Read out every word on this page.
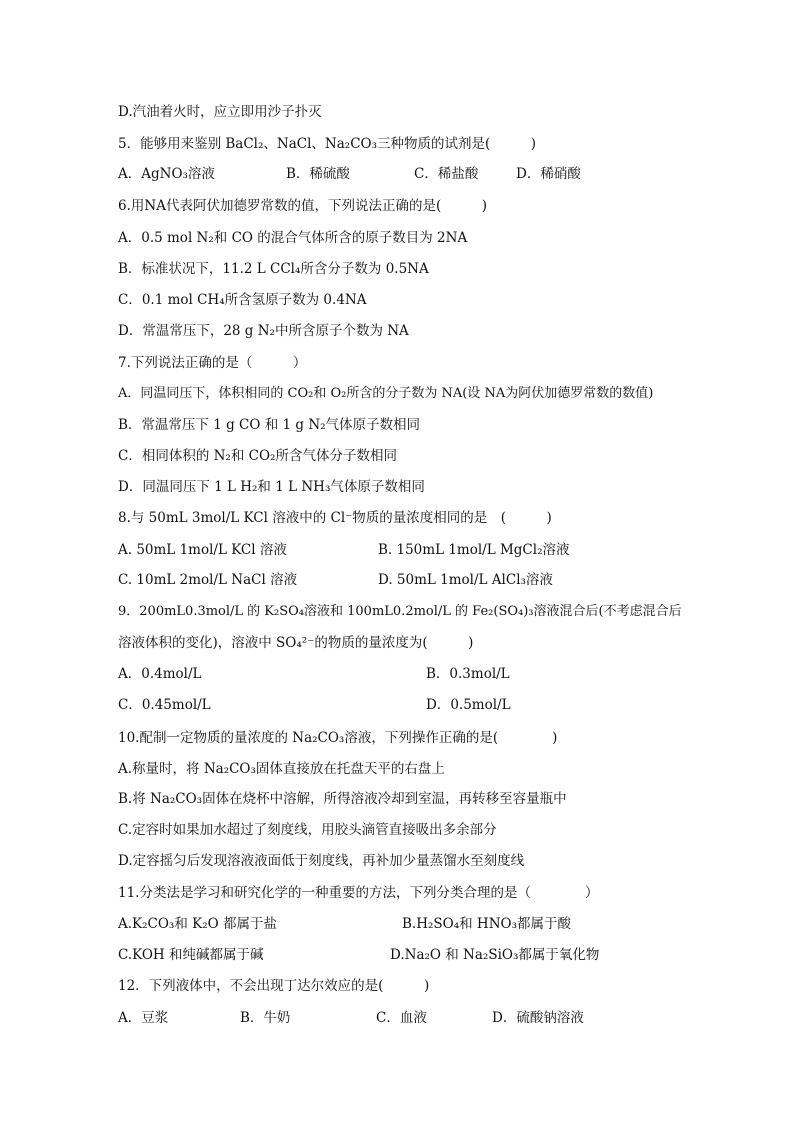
D.汽油着火时，应立即用沙子扑灭
5．能够用来鉴别 BaCl₂、NaCl、Na₂CO₃三种物质的试剂是(　　　)
A．AgNO₃溶液	B．稀硫酸	C．稀盐酸	D．稀硝酸
6.用NA代表阿伏加德罗常数的值，下列说法正确的是(　　　)
A．0.5 mol N₂和 CO 的混合气体所含的原子数目为 2NA
B．标准状况下，11.2 L CCl₄所含分子数为 0.5NA
C．0.1 mol CH₄所含氢原子数为 0.4NA
D．常温常压下，28 g N₂中所含原子个数为 NA
7.下列说法正确的是（　　　）
A．同温同压下，体积相同的 CO₂和 O₂所含的分子数为 NA(设 NA为阿伏加德罗常数的数值)
B．常温常压下 1 g CO 和 1 g N₂气体原子数相同
C．相同体积的 N₂和 CO₂所含气体分子数相同
D．同温同压下 1 L H₂和 1 L NH₃气体原子数相同
8.与 50mL 3mol/L KCl 溶液中的 Cl⁻物质的量浓度相同的是　(　　　)
A. 50mL 1mol/L KCl 溶液	B. 150mL 1mol/L MgCl₂溶液
C. 10mL 2mol/L NaCl 溶液	D. 50mL 1mol/L AlCl₃溶液
9．200mL0.3mol/L 的 K₂SO₄溶液和 100mL0.2mol/L 的 Fe₂(SO₄)₃溶液混合后(不考虑混合后
溶液体积的变化)，溶液中 SO₄²⁻的物质的量浓度为(　　　)
A．0.4mol/L	B．0.3mol/L
C．0.45mol/L	D．0.5mol/L
10.配制一定物质的量浓度的 Na₂CO₃溶液，下列操作正确的是(　　　　)
A.称量时，将 Na₂CO₃固体直接放在托盘天平的右盘上
B.将 Na₂CO₃固体在烧杯中溶解，所得溶液冷却到室温，再转移至容量瓶中
C.定容时如果加水超过了刻度线，用胶头滴管直接吸出多余部分
D.定容摇匀后发现溶液液面低于刻度线，再补加少量蒸馏水至刻度线
11.分类法是学习和研究化学的一种重要的方法，下列分类合理的是（　　　　）
A.K₂CO₃和 K₂O 都属于盐	B.H₂SO₄和 HNO₃都属于酸
C.KOH 和纯碱都属于碱	D.Na₂O 和 Na₂SiO₃都属于氧化物
12．下列液体中，不会出现丁达尔效应的是(　　　)
A．豆浆	B．牛奶	C．血液	D．硫酸钠溶液
